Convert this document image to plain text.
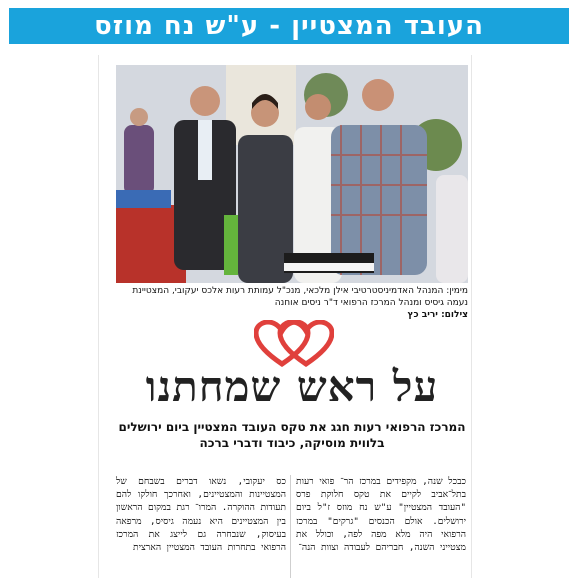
העובד המצטיין - ע"ש נח מוזס
מימין: המנהל האדמיניסטרטיבי אילן מלכאי, מנכ"ל עמותת רעות אלכס יעקובי, המצטיינת נעמה גיסיס ומנהל המרכז הרפואי ד"ר ניסים אוחנה
צילום: יריב כץ
על ראש שמחתנו
המרכז הרפואי רעות חגג את טקס העובד המצטיין ביום ירושלים בלווית מוסיקה, כיבוד ודברי ברכה
כבכל שנה, מקפידים במרכז הר־ פואי רעות בתל־אביב לקיים את טקס חלוקת פרס "העובד המצטיין" ע"ש נח מוזס ז"ל ביום ירושלים. אולם הכנסים "גרקים" במרכז הרפואי היה מלא מפה לפה, וכולל את מצטייני השנה, חבריהם לעבודה וצוות הנה־
כס יעקובי, נשאו דברים בשבחם של המצטיינות והמצטיינים, ואחרכך חולקו להם תעודות ההוקרה. המרו־ רגת במקום הראשון בין המצטיינים היא נעמה גיסיס, מרפאה בעיסוק, שנבחרה גם לייצג את המרכז הרפואי בתחרות העובד המצטיין הארצית
